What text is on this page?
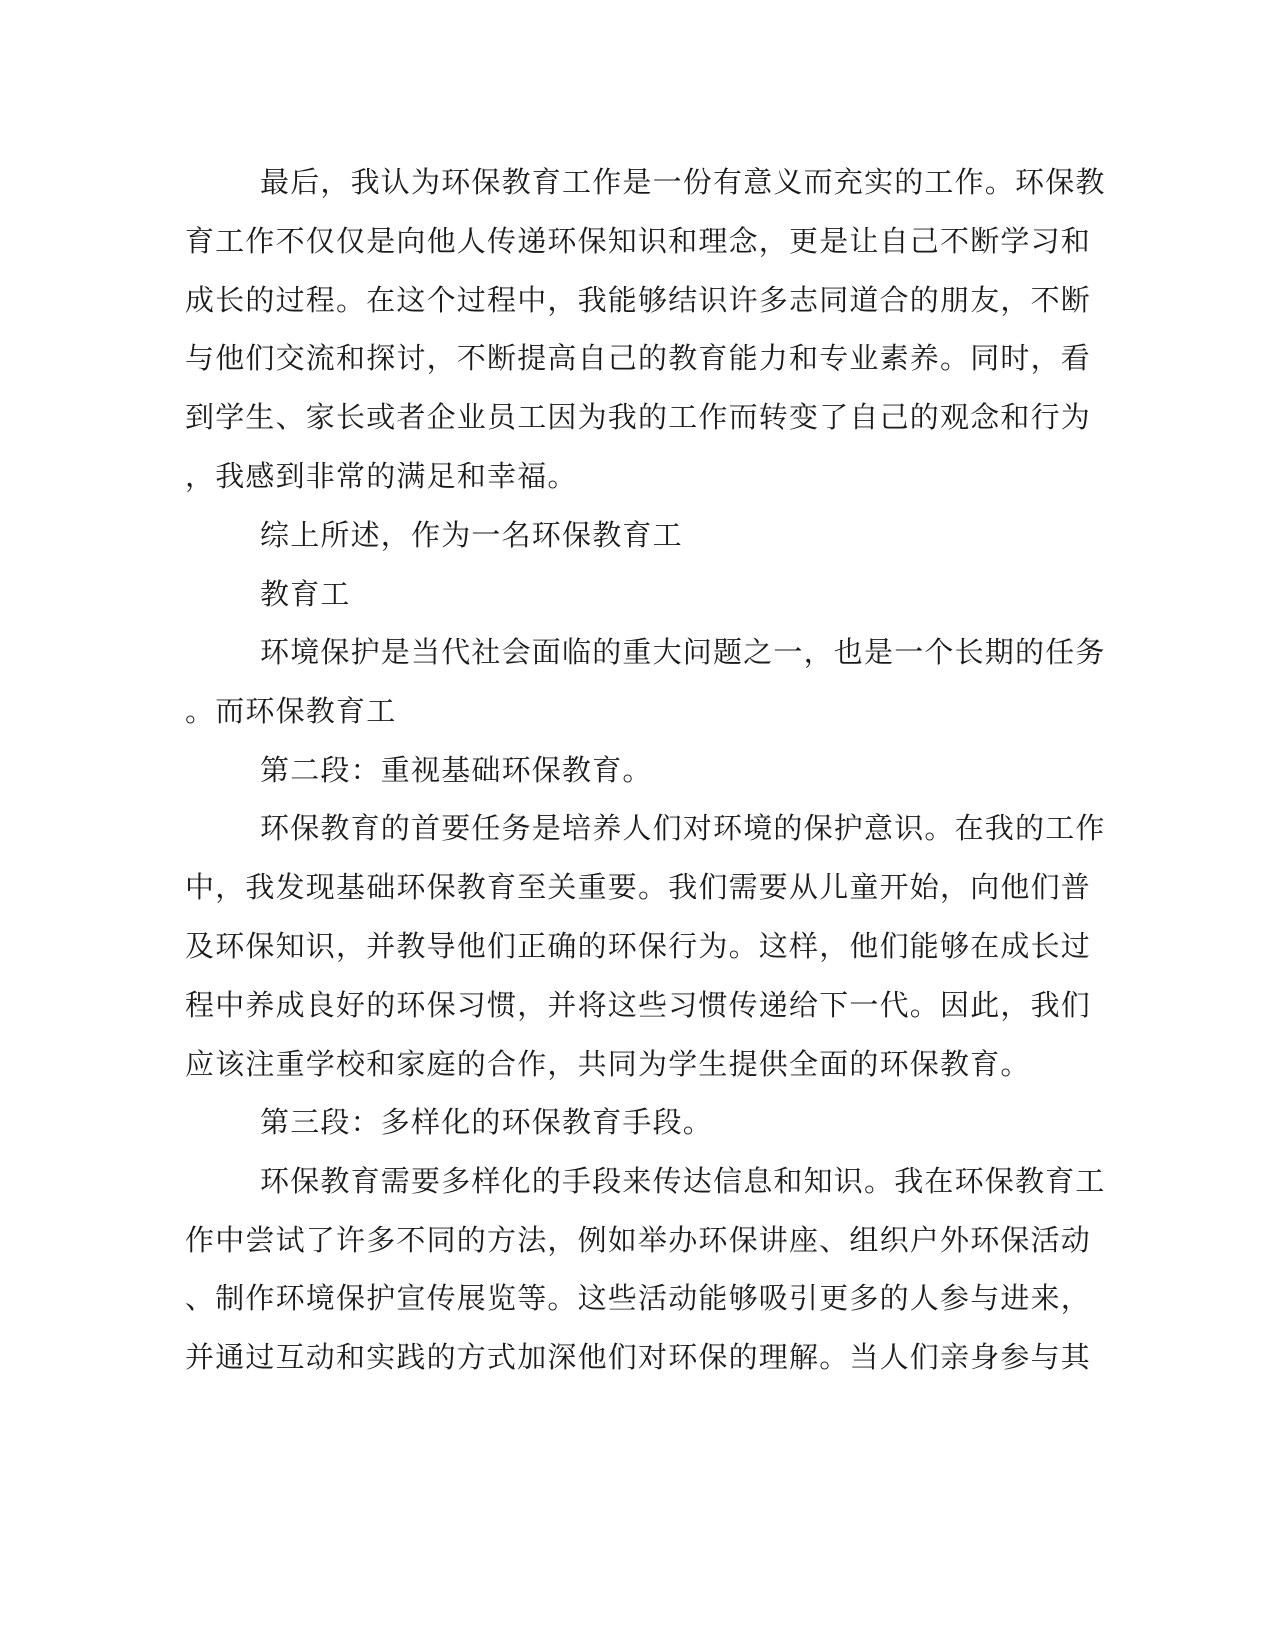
最后，我认为环保教育工作是一份有意义而充实的工作。环保教
育工作不仅仅是向他人传递环保知识和理念，更是让自己不断学习和
成长的过程。在这个过程中，我能够结识许多志同道合的朋友，不断
与他们交流和探讨，不断提高自己的教育能力和专业素养。同时，看
到学生、家长或者企业员工因为我的工作而转变了自己的观念和行为
，我感到非常的满足和幸福。
综上所述，作为一名环保教育工
教育工
环境保护是当代社会面临的重大问题之一，也是一个长期的任务
。而环保教育工
第二段：重视基础环保教育。
环保教育的首要任务是培养人们对环境的保护意识。在我的工作
中，我发现基础环保教育至关重要。我们需要从儿童开始，向他们普
及环保知识，并教导他们正确的环保行为。这样，他们能够在成长过
程中养成良好的环保习惯，并将这些习惯传递给下一代。因此，我们
应该注重学校和家庭的合作，共同为学生提供全面的环保教育。
第三段：多样化的环保教育手段。
环保教育需要多样化的手段来传达信息和知识。我在环保教育工
作中尝试了许多不同的方法，例如举办环保讲座、组织户外环保活动
、制作环境保护宣传展览等。这些活动能够吸引更多的人参与进来，
并通过互动和实践的方式加深他们对环保的理解。当人们亲身参与其
